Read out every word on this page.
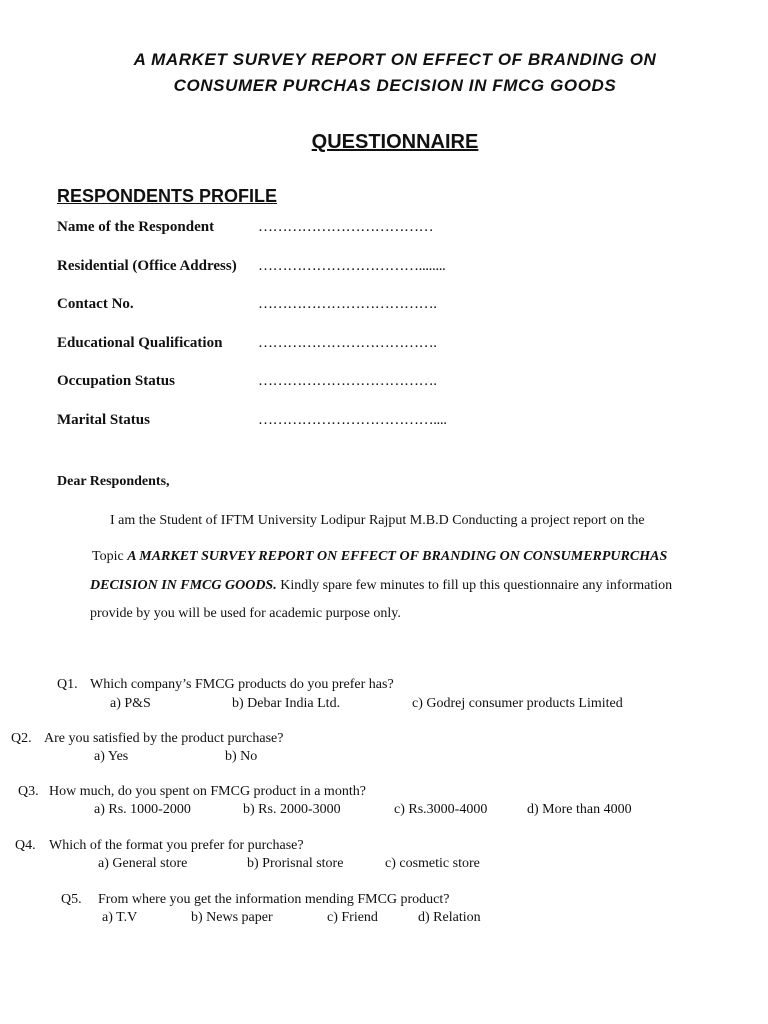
A MARKET SURVEY REPORT ON EFFECT OF BRANDING ON
CONSUMER PURCHAS DECISION IN FMCG GOODS
QUESTIONNAIRE
RESPONDENTS PROFILE
Name of the Respondent	………………………………
Residential (Office Address) ……………………………........
Contact No.	……………………………….
Educational Qualification ……………………………….
Occupation Status	……………………………….
Marital Status	………………………………....
Dear Respondents,
I am the Student of IFTM University Lodipur Rajput M.B.D Conducting a project report on the
Topic A MARKET SURVEY REPORT ON EFFECT OF BRANDING ON CONSUMERPURCHAS
DECISION IN FMCG GOODS. Kindly spare few minutes to fill up this questionnaire any information
provide by you will be used for academic purpose only.
Q1. Which company’s FMCG products do you prefer has?
a) P&S	b) Debar India Ltd.	c) Godrej consumer products Limited
Q2. Are you satisfied by the product purchase?
a) Yes	b) No
Q3. How much, do you spent on FMCG product in a month?
a) Rs. 1000-2000	b) Rs. 2000-3000	c) Rs.3000-4000	d) More than 4000
Q4. Which of the format you prefer for purchase?
a) General store	b) Prorisnal store	c) cosmetic store
Q5. From where you get the information mending FMCG product?
a) T.V	b) News paper	c) Friend	d) Relation
